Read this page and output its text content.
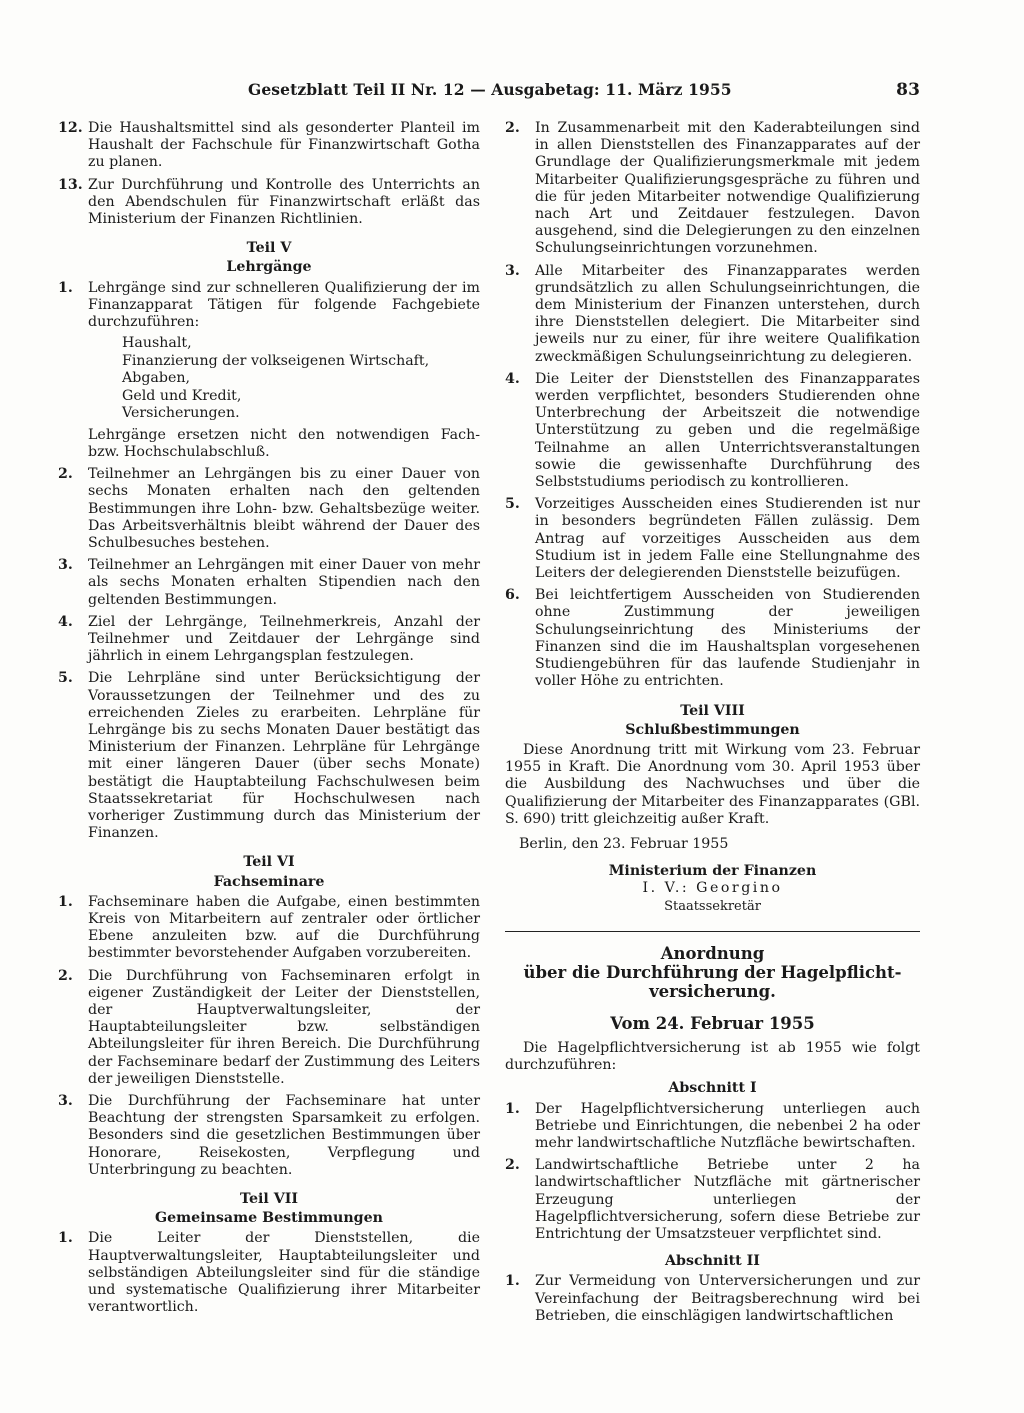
Gesetzblatt Teil II Nr. 12 — Ausgabetag: 11. März 1955	83
12. Die Haushaltsmittel sind als gesonderter Planteil im Haushalt der Fachschule für Finanzwirtschaft Gotha zu planen.

13. Zur Durchführung und Kontrolle des Unterrichts an den Abendschulen für Finanzwirtschaft erläßt das Ministerium der Finanzen Richtlinien.

Teil V
Lehrgänge
1. Lehrgänge sind zur schnelleren Qualifizierung der im Finanzapparat Tätigen für folgende Fachgebiete durchzuführen:

Haushalt,
Finanzierung der volkseigenen Wirtschaft,
Abgaben,
Geld und Kredit,
Versicherungen.

Lehrgänge ersetzen nicht den notwendigen Fach- bzw. Hochschulabschluß.

2. Teilnehmer an Lehrgängen bis zu einer Dauer von sechs Monaten erhalten nach den geltenden Bestimmungen ihre Lohn- bzw. Gehaltsbezüge weiter. Das Arbeitsverhältnis bleibt während der Dauer des Schulbesuches bestehen.

3. Teilnehmer an Lehrgängen mit einer Dauer von mehr als sechs Monaten erhalten Stipendien nach den geltenden Bestimmungen.

4. Ziel der Lehrgänge, Teilnehmerkreis, Anzahl der Teilnehmer und Zeitdauer der Lehrgänge sind jährlich in einem Lehrgangsplan festzulegen.

5. Die Lehrpläne sind unter Berücksichtigung der Voraussetzungen der Teilnehmer und des zu erreichenden Zieles zu erarbeiten. Lehrpläne für Lehrgänge bis zu sechs Monaten Dauer bestätigt das Ministerium der Finanzen. Lehrpläne für Lehrgänge mit einer längeren Dauer (über sechs Monate) bestätigt die Hauptabteilung Fachschulwesen beim Staatssekretariat für Hochschulwesen nach vorheriger Zustimmung durch das Ministerium der Finanzen.

Teil VI
Fachseminare
1. Fachseminare haben die Aufgabe, einen bestimmten Kreis von Mitarbeitern auf zentraler oder örtlicher Ebene anzuleiten bzw. auf die Durchführung bestimmter bevorstehender Aufgaben vorzubereiten.

2. Die Durchführung von Fachseminaren erfolgt in eigener Zuständigkeit der Leiter der Dienststellen, der Hauptverwaltungsleiter, der Hauptabteilungsleiter bzw. selbständigen Abteilungsleiter für ihren Bereich. Die Durchführung der Fachseminare bedarf der Zustimmung des Leiters der jeweiligen Dienststelle.

3. Die Durchführung der Fachseminare hat unter Beachtung der strengsten Sparsamkeit zu erfolgen. Besonders sind die gesetzlichen Bestimmungen über Honorare, Reisekosten, Verpflegung und Unterbringung zu beachten.

Teil VII
Gemeinsame Bestimmungen
1. Die Leiter der Dienststellen, die Hauptverwaltungsleiter, Hauptabteilungsleiter und selbständigen Abteilungsleiter sind für die ständige und systematische Qualifizierung ihrer Mitarbeiter verantwortlich.

2. In Zusammenarbeit mit den Kaderabteilungen sind in allen Dienststellen des Finanzapparates auf der Grundlage der Qualifizierungsmerkmale mit jedem Mitarbeiter Qualifizierungsgespräche zu führen und die für jeden Mitarbeiter notwendige Qualifizierung nach Art und Zeitdauer festzulegen. Davon ausgehend, sind die Delegierungen zu den einzelnen Schulungseinrichtungen vorzunehmen.

3. Alle Mitarbeiter des Finanzapparates werden grundsätzlich zu allen Schulungseinrichtungen, die dem Ministerium der Finanzen unterstehen, durch ihre Dienststellen delegiert. Die Mitarbeiter sind jeweils nur zu einer, für ihre weitere Qualifikation zweckmäßigen Schulungseinrichtung zu delegieren.

4. Die Leiter der Dienststellen des Finanzapparates werden verpflichtet, besonders Studierenden ohne Unterbrechung der Arbeitszeit die notwendige Unterstützung zu geben und die regelmäßige Teilnahme an allen Unterrichtsveranstaltungen sowie die gewissenhafte Durchführung des Selbststudiums periodisch zu kontrollieren.

5. Vorzeitiges Ausscheiden eines Studierenden ist nur in besonders begründeten Fällen zulässig. Dem Antrag auf vorzeitiges Ausscheiden aus dem Studium ist in jedem Falle eine Stellungnahme des Leiters der delegierenden Dienststelle beizufügen.

6. Bei leichtfertigem Ausscheiden von Studierenden ohne Zustimmung der jeweiligen Schulungseinrichtung des Ministeriums der Finanzen sind die im Haushaltsplan vorgesehenen Studiengebühren für das laufende Studienjahr in voller Höhe zu entrichten.

Teil VIII
Schlußbestimmungen

Diese Anordnung tritt mit Wirkung vom 23. Februar 1955 in Kraft. Die Anordnung vom 30. April 1953 über die Ausbildung des Nachwuchses und über die Qualifizierung der Mitarbeiter des Finanzapparates (GBl. S. 690) tritt gleichzeitig außer Kraft.

Berlin, den 23. Februar 1955

Ministerium der Finanzen
I. V.: Georgino
Staatssekretär
Anordnung
über die Durchführung der Hagelpflicht-
versicherung.
Vom 24. Februar 1955

Die Hagelpflichtversicherung ist ab 1955 wie folgt durchzuführen:

Abschnitt I
1. Der Hagelpflichtversicherung unterliegen auch Betriebe und Einrichtungen, die nebenbei 2 ha oder mehr landwirtschaftliche Nutzfläche bewirtschaften.

2. Landwirtschaftliche Betriebe unter 2 ha landwirtschaftlicher Nutzfläche mit gärtnerischer Erzeugung unterliegen der Hagelpflichtversicherung, sofern diese Betriebe zur Entrichtung der Umsatzsteuer verpflichtet sind.

Abschnitt II
1. Zur Vermeidung von Unterversicherungen und zur Vereinfachung der Beitragsberechnung wird bei Betrieben, die einschlägigen landwirtschaftlichen
